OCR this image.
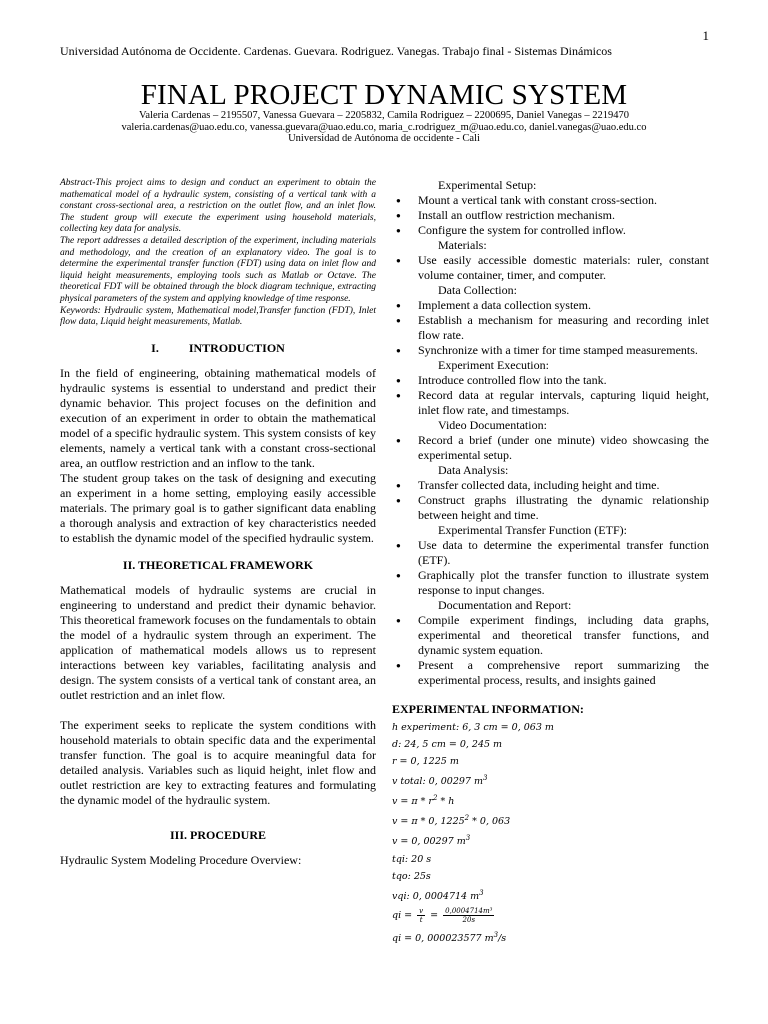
1
Universidad Autónoma de Occidente. Cardenas. Guevara. Rodriguez. Vanegas. Trabajo final - Sistemas Dinámicos
FINAL PROJECT DYNAMIC SYSTEM
Valeria Cardenas – 2195507, Vanessa Guevara – 2205832, Camila Rodriguez – 2200695, Daniel Vanegas – 2219470
valeria.cardenas@uao.edu.co, vanessa.guevara@uao.edu.co, maria_c.rodriguez_m@uao.edu.co, daniel.vanegas@uao.edu.co
Universidad de Autónoma de occidente - Cali

Abstract-This project aims to design and conduct an experiment to obtain the mathematical model of a hydraulic system, consisting of a vertical tank with a constant cross-sectional area, a restriction on the outlet flow, and an inlet flow. The student group will execute the experiment using household materials, collecting key data for analysis.

The report addresses a detailed description of the experiment, including materials and methodology, and the creation of an explanatory video. The goal is to determine the experimental transfer function (FDT) using data on inlet flow and liquid height measurements, employing tools such as Matlab or Octave. The theoretical FDT will be obtained through the block diagram technique, extracting physical parameters of the system and applying knowledge of time response.

Keywords: Hydraulic system, Mathematical model,Transfer function (FDT), Inlet flow data, Liquid height measurements, Matlab.

I.	INTRODUCTION

In the field of engineering, obtaining mathematical models of hydraulic systems is essential to understand and predict their dynamic behavior. This project focuses on the definition and execution of an experiment in order to obtain the mathematical model of a specific hydraulic system. This system consists of key elements, namely a vertical tank with a constant cross-sectional area, an outflow restriction and an inflow to the tank.

The student group takes on the task of designing and executing an experiment in a home setting, employing easily accessible materials. The primary goal is to gather significant data enabling a thorough analysis and extraction of key characteristics needed to establish the dynamic model of the specified hydraulic system.

II. THEORETICAL FRAMEWORK

Mathematical models of hydraulic systems are crucial in engineering to understand and predict their dynamic behavior. This theoretical framework focuses on the fundamentals to obtain the model of a hydraulic system through an experiment. The application of mathematical models allows us to represent interactions between key variables, facilitating analysis and design. The system consists of a vertical tank of constant area, an outlet restriction and an inlet flow.

The experiment seeks to replicate the system conditions with household materials to obtain specific data and the experimental transfer function. The goal is to acquire meaningful data for detailed analysis. Variables such as liquid height, inlet flow and outlet restriction are key to extracting features and formulating the dynamic model of the hydraulic system.

III. PROCEDURE

Hydraulic System Modeling Procedure Overview:

Experimental Setup:
● Mount a vertical tank with constant cross-section.
● Install an outflow restriction mechanism.
● Configure the system for controlled inflow.
Materials:
● Use easily accessible domestic materials: ruler, constant volume container, timer, and computer.
Data Collection:
● Implement a data collection system.
● Establish a mechanism for measuring and recording inlet flow rate.
● Synchronize with a timer for time stamped measurements.
Experiment Execution:
● Introduce controlled flow into the tank.
● Record data at regular intervals, capturing liquid height, inlet flow rate, and timestamps.
Video Documentation:
● Record a brief (under one minute) video showcasing the experimental setup.
Data Analysis:
● Transfer collected data, including height and time.
● Construct graphs illustrating the dynamic relationship between height and time.
Experimental Transfer Function (ETF):
● Use data to determine the experimental transfer function (ETF).
● Graphically plot the transfer function to illustrate system response to input changes.
Documentation and Report:
● Compile experiment findings, including data graphs, experimental and theoretical transfer functions, and dynamic system equation.
● Present a comprehensive report summarizing the experimental process, results, and insights gained
EXPERIMENTAL INFORMATION:
h experiment: 6, 3 cm = 0, 063 m
d: 24, 5 cm = 0, 245 m
r = 0, 1225 m
v total: 0, 00297 $m^3$
$v = \pi * r^2 * h$
v = π * 0, 1225$^2$ * 0, 063
v = 0, 00297 $m^3$
tqi: 20 s
tqo: 25s
vqi: 0, 0004714 $m^3$
qi = $\frac{v}{t} = \frac{\text{0,0004714m³}}{20s}$
qi = 0, 000023577 $m^3/s$
